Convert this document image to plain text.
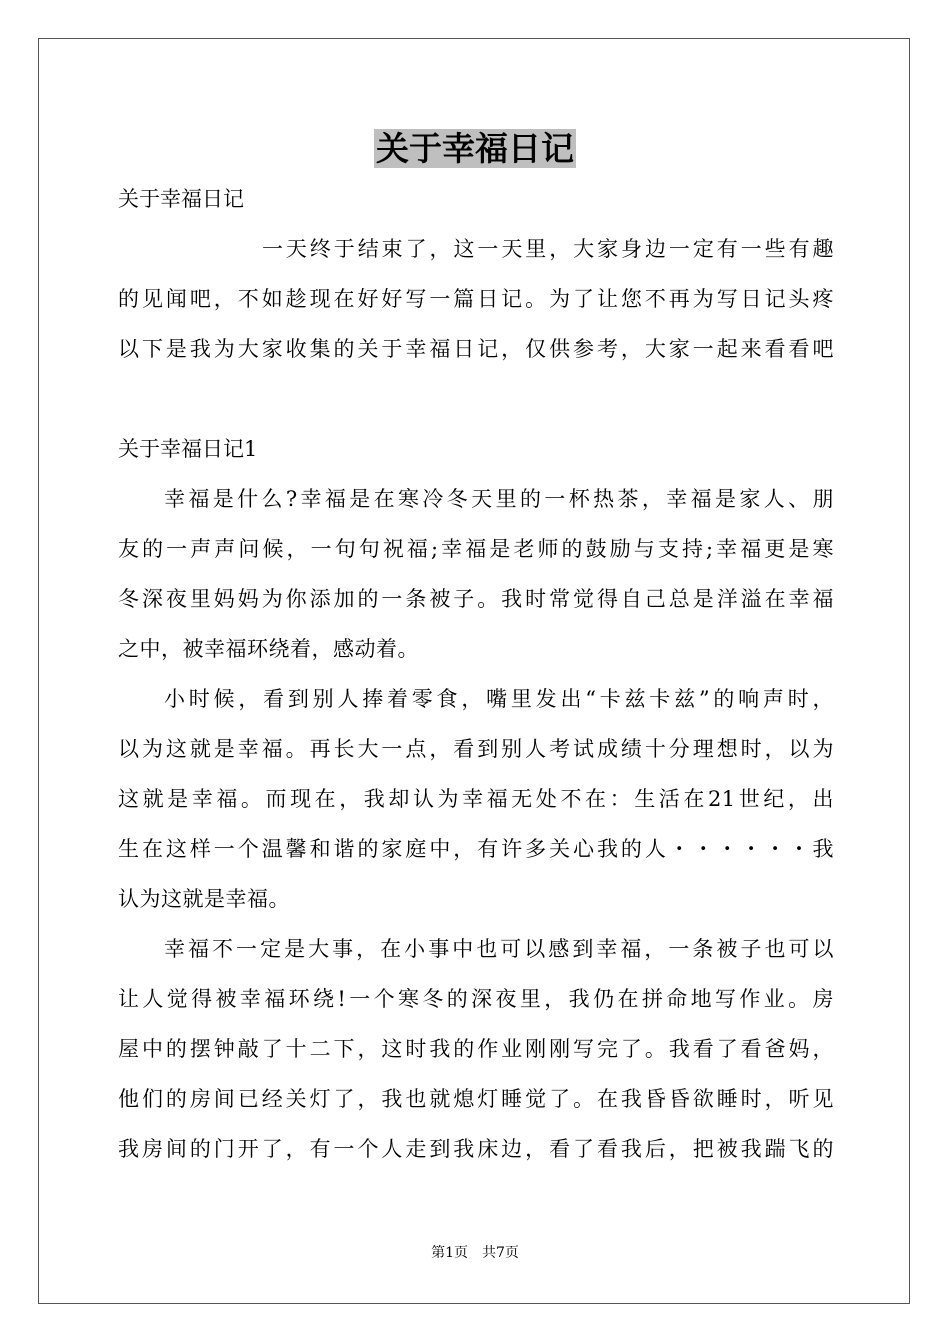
关于幸福日记
关于幸福日记
一天终于结束了，这一天里，大家身边一定有一些有趣
的见闻吧，不如趁现在好好写一篇日记。为了让您不再为写日记头疼
以下是我为大家收集的关于幸福日记，仅供参考，大家一起来看看吧
关于幸福日记1
幸福是什么?幸福是在寒冷冬天里的一杯热茶，幸福是家人、朋
友的一声声问候，一句句祝福;幸福是老师的鼓励与支持;幸福更是寒
冬深夜里妈妈为你添加的一条被子。我时常觉得自己总是洋溢在幸福
之中，被幸福环绕着，感动着。
小时候，看到别人捧着零食，嘴里发出“卡兹卡兹”的响声时，
以为这就是幸福。再长大一点，看到别人考试成绩十分理想时，以为
这就是幸福。而现在，我却认为幸福无处不在：生活在21世纪，出
生在这样一个温馨和谐的家庭中，有许多关心我的人・・・・・・我
认为这就是幸福。
幸福不一定是大事，在小事中也可以感到幸福，一条被子也可以
让人觉得被幸福环绕!一个寒冬的深夜里，我仍在拼命地写作业。房
屋中的摆钟敲了十二下，这时我的作业刚刚写完了。我看了看爸妈，
他们的房间已经关灯了，我也就熄灯睡觉了。在我昏昏欲睡时，听见
我房间的门开了，有一个人走到我床边，看了看我后，把被我踹飞的
第1页　共7页
